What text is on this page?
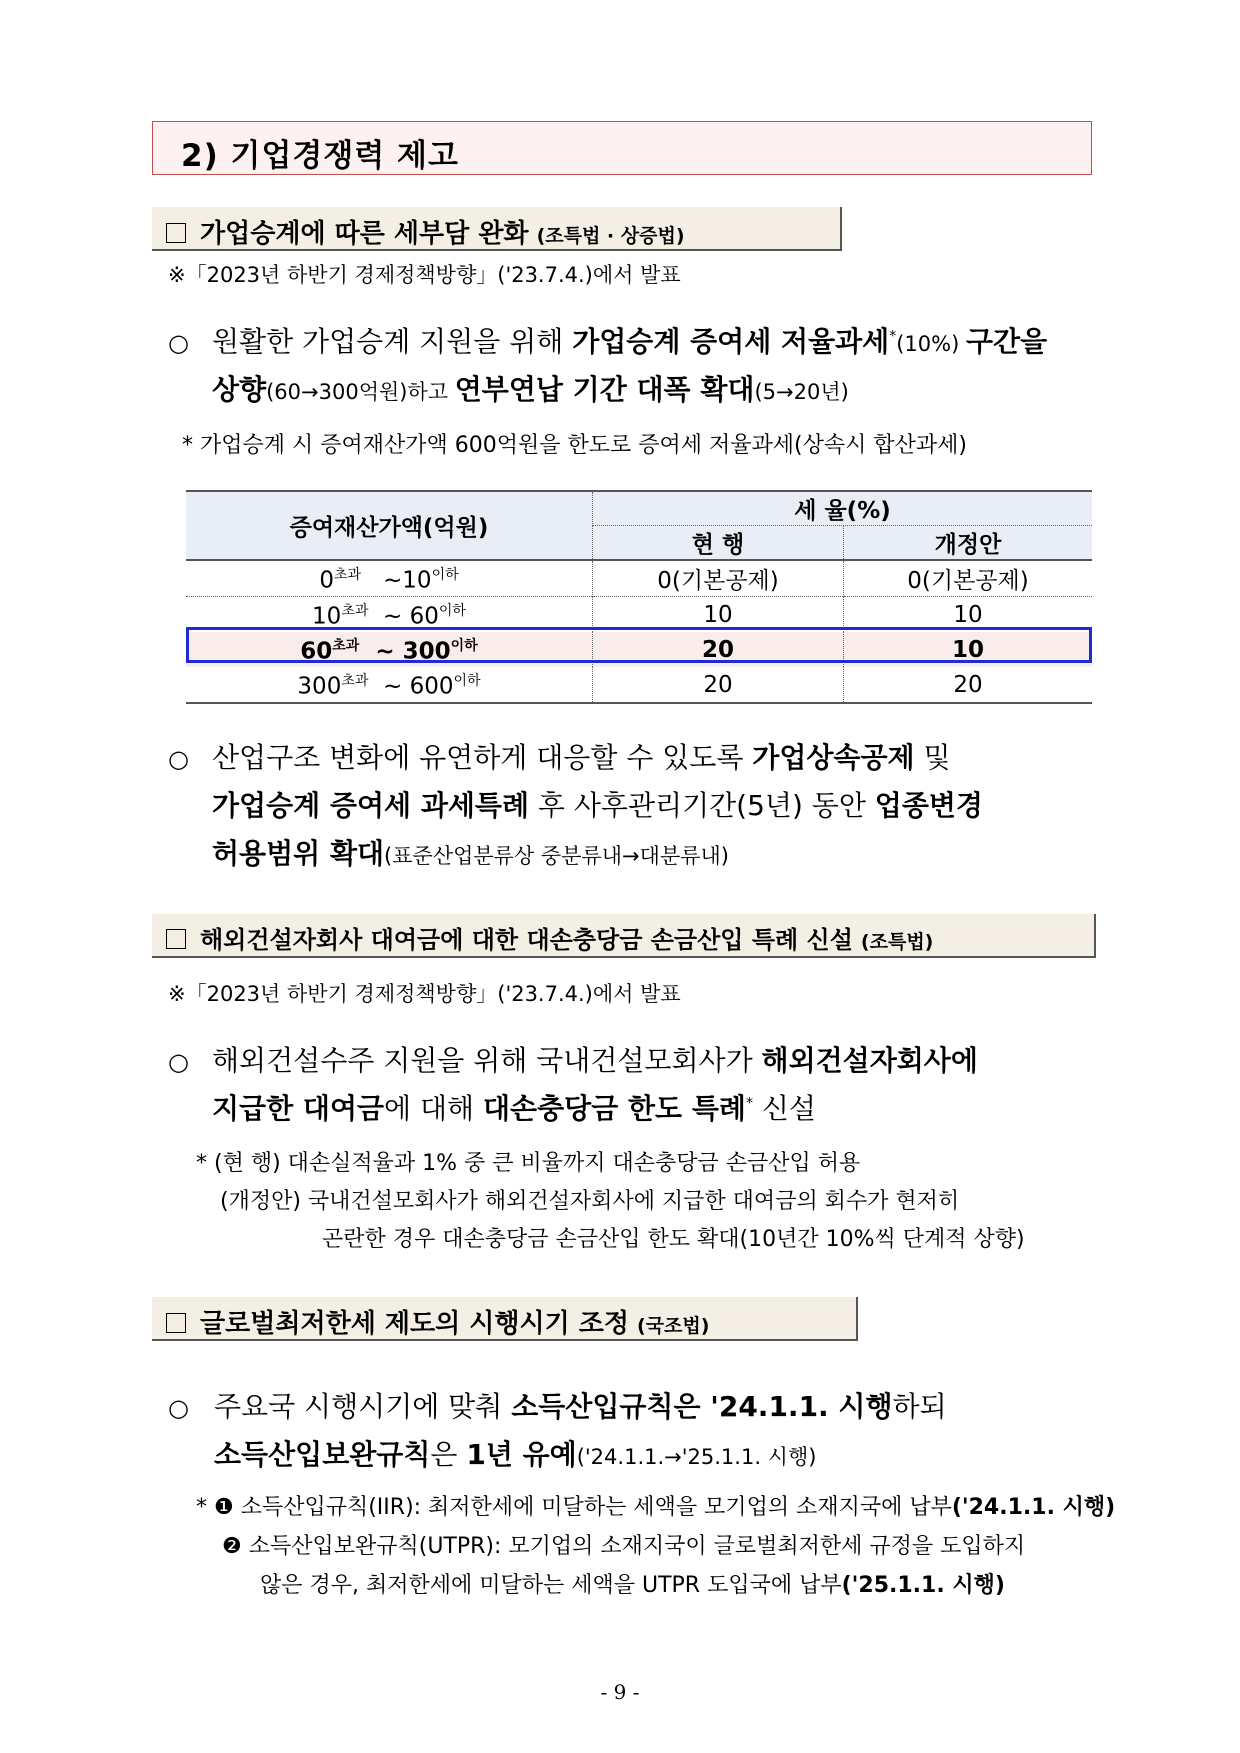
2) 기업경쟁력 제고
가업승계에 따른 세부담 완화 (조특법 · 상증법)
※「2023년 하반기 경제정책방향」('23.7.4.)에서 발표
○ 원활한 가업승계 지원을 위해 가업승계 증여세 저율과세*(10%) 구간을
상향(60→300억원)하고 연부연납 기간 대폭 확대(5→20년)
* 가업승계 시 증여재산가액 600억원을 한도로 증여세 저율과세(상속시 합산과세)
증여재산가액(억원)	세 율(%)	
	현 행	개정안
$0^{초과}$ $\sim 10^{이하}$	0(기본공제)	0(기본공제)
$10^{초과}$ ~ $60^{이하}$	10	10
$60^{초과}$ ~ $300^{이하}$	20	10
$300^{초과}$ ~ $600^{이하}$	20	20
○ 산업구조 변화에 유연하게 대응할 수 있도록 가업상속공제 및
가업승계 증여세 과세특례 후 사후관리기간(5년) 동안 업종변경
허용범위 확대(표준산업분류상 중분류내→대분류내)
해외건설자회사 대여금에 대한 대손충당금 손금산입 특례 신설 (조특법)
※「2023년 하반기 경제정책방향」('23.7.4.)에서 발표
○ 해외건설수주 지원을 위해 국내건설모회사가 해외건설자회사에
지급한 대여금에 대해 대손충당금 한도 특례* 신설
* (현 행) 대손실적율과 1% 중 큰 비율까지 대손충당금 손금산입 허용
(개정안) 국내건설모회사가 해외건설자회사에 지급한 대여금의 회수가 현저히
곤란한 경우 대손충당금 손금산입 한도 확대(10년간 10%씩 단계적 상향)
글로벌최저한세 제도의 시행시기 조정 (국조법)
○ 주요국 시행시기에 맞춰 소득산입규칙은 '24.1.1. 시행하되
소득산입보완규칙은 1년 유예('24.1.1.→'25.1.1. 시행)
* ❶ 소득산입규칙(IIR): 최저한세에 미달하는 세액을 모기업의 소재지국에 납부('24.1.1. 시행)
❷ 소득산입보완규칙(UTPR): 모기업의 소재지국이 글로벌최저한세 규정을 도입하지
않은 경우, 최저한세에 미달하는 세액을 UTPR 도입국에 납부('25.1.1. 시행)
- 9 -
